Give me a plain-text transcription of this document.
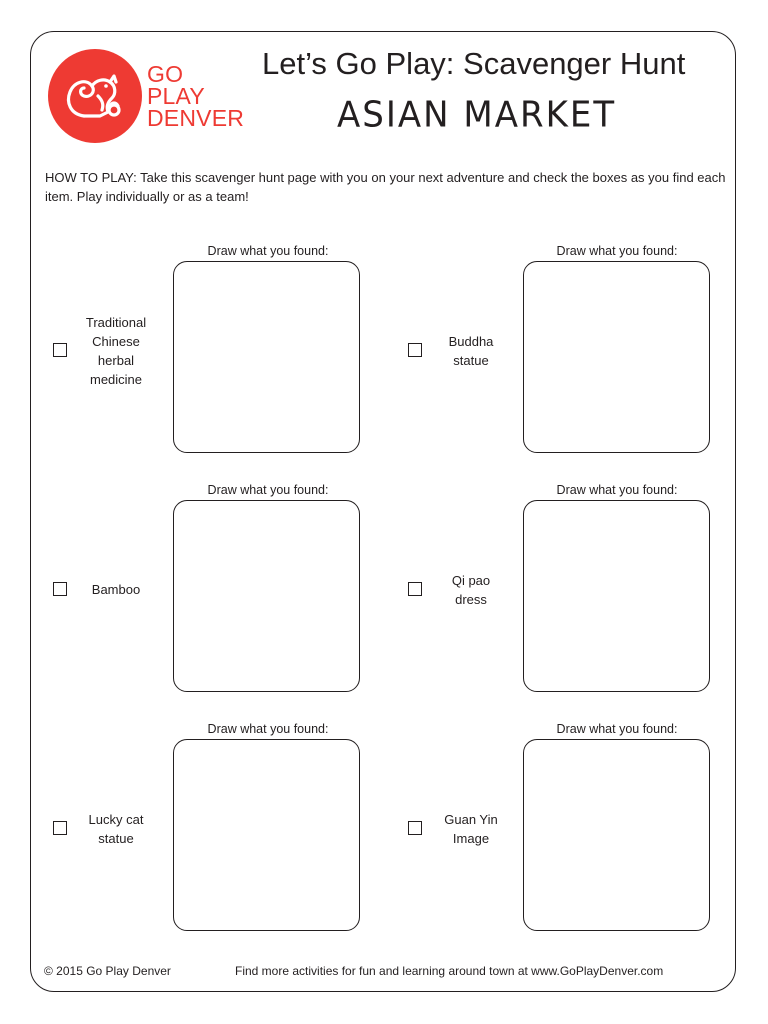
GO
PLAY
DENVER
Let’s Go Play: Scavenger Hunt
ASIAN MARKET
HOW TO PLAY: Take this scavenger hunt page with you on your next adventure and check the boxes as you find each item. Play individually or as a team!
Draw what you found:
Traditional
Chinese
herbal
medicine
Draw what you found:
Buddha
statue
Draw what you found:
Bamboo
Draw what you found:
Qi pao
dress
Draw what you found:
Lucky cat
statue
Draw what you found:
Guan Yin
Image
© 2015 Go Play Denver	Find more activities for fun and learning around town at www.GoPlayDenver.com
